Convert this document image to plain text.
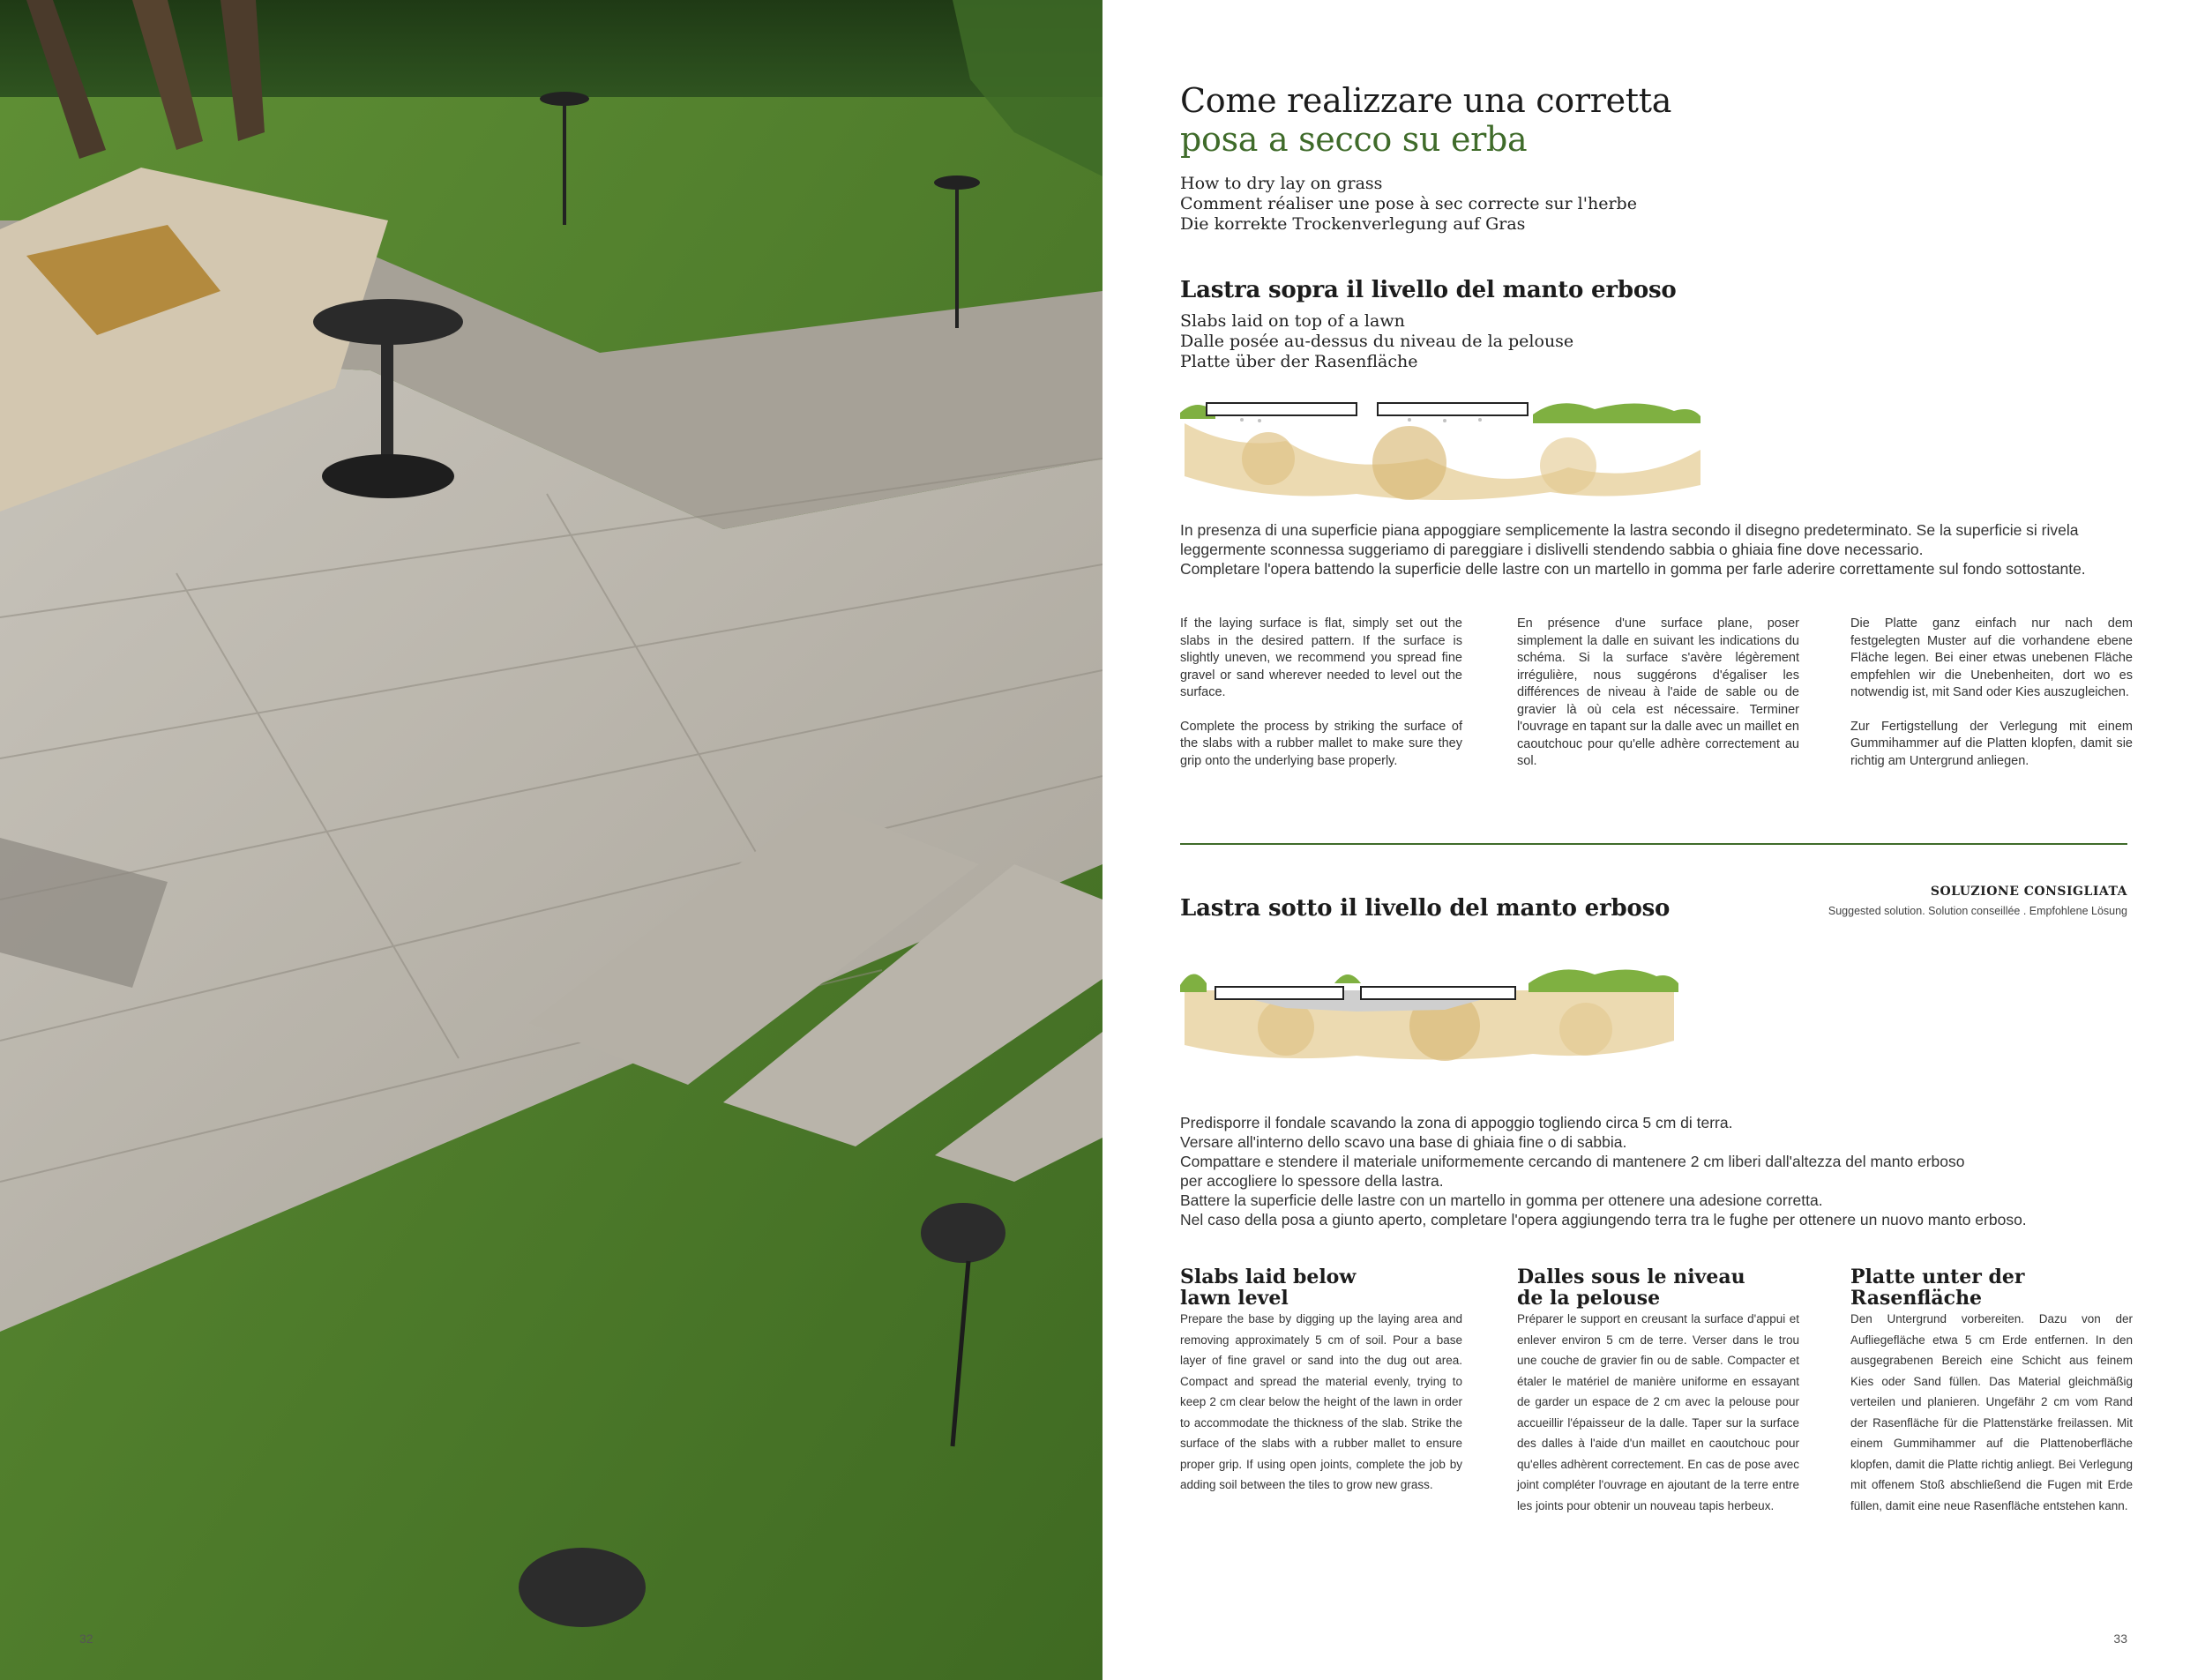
32
Come realizzare una corretta
posa a secco su erba
How to dry lay on grass
Comment réaliser une pose à sec correcte sur l'herbe
Die korrekte Trockenverlegung auf Gras
Lastra sopra il livello del manto erboso
Slabs laid on top of a lawn
Dalle posée au-dessus du niveau de la pelouse
Platte über der Rasenfläche
In presenza di una superficie piana appoggiare semplicemente la lastra secondo il disegno predeterminato. Se la superficie si rivela
leggermente sconnessa suggeriamo di pareggiare i dislivelli stendendo sabbia o ghiaia fine dove necessario.
Completare l'opera battendo la superficie delle lastre con un martello in gomma per farle aderire correttamente sul fondo sottostante.

If the laying surface is flat, simply set out the slabs in the desired pattern. If the surface is slightly uneven, we recommend you spread fine gravel or sand wherever needed to level out the surface.

Complete the process by striking the surface of the slabs with a rubber mallet to make sure they grip onto the underlying base properly.

En présence d'une surface plane, poser simplement la dalle en suivant les indications du schéma. Si la surface s'avère légèrement irrégulière, nous suggérons d'égaliser les différences de niveau à l'aide de sable ou de gravier là où cela est nécessaire. Terminer l'ouvrage en tapant sur la dalle avec un maillet en caoutchouc pour qu'elle adhère correctement au sol.

Die Platte ganz einfach nur nach dem festgelegten Muster auf die vorhandene ebene Fläche legen. Bei einer etwas unebenen Fläche empfehlen wir die Unebenheiten, dort wo es notwendig ist, mit Sand oder Kies auszugleichen.

Zur Fertigstellung der Verlegung mit einem Gummihammer auf die Platten klopfen, damit sie richtig am Untergrund anliegen.

Lastra sotto il livello del manto erboso
SOLUZIONE CONSIGLIATA
Suggested solution. Solution conseillée . Empfohlene Lösung
Predisporre il fondale scavando la zona di appoggio togliendo circa 5 cm di terra.
Versare all'interno dello scavo una base di ghiaia fine o di sabbia.
Compattare e stendere il materiale uniformemente cercando di mantenere 2 cm liberi dall'altezza del manto erboso
per accogliere lo spessore della lastra.
Battere la superficie delle lastre con un martello in gomma per ottenere una adesione corretta.
Nel caso della posa a giunto aperto, completare l'opera aggiungendo terra tra le fughe per ottenere un nuovo manto erboso.
Slabs laid below
lawn level
Prepare the base by digging up the laying area and removing approximately 5 cm of soil. Pour a base layer of fine gravel or sand into the dug out area. Compact and spread the material evenly, trying to keep 2 cm clear below the height of the lawn in order to accommodate the thickness of the slab. Strike the surface of the slabs with a rubber mallet to ensure proper grip. If using open joints, complete the job by adding soil between the tiles to grow new grass.
Dalles sous le niveau
de la pelouse
Préparer le support en creusant la surface d'appui et enlever environ 5 cm de terre. Verser dans le trou une couche de gravier fin ou de sable. Compacter et étaler le matériel de manière uniforme en essayant de garder un espace de 2 cm avec la pelouse pour accueillir l'épaisseur de la dalle. Taper sur la surface des dalles à l'aide d'un maillet en caoutchouc pour qu'elles adhèrent correctement. En cas de pose avec joint compléter l'ouvrage en ajoutant de la terre entre les joints pour obtenir un nouveau tapis herbeux.
Platte unter der
Rasenfläche
Den Untergrund vorbereiten. Dazu von der Aufliegefläche etwa 5 cm Erde entfernen. In den ausgegrabenen Bereich eine Schicht aus feinem Kies oder Sand füllen. Das Material gleichmäßig verteilen und planieren. Ungefähr 2 cm vom Rand der Rasenfläche für die Plattenstärke freilassen. Mit einem Gummihammer auf die Plattenoberfläche klopfen, damit die Platte richtig anliegt. Bei Verlegung mit offenem Stoß abschließend die Fugen mit Erde füllen, damit eine neue Rasenfläche entstehen kann.
33
